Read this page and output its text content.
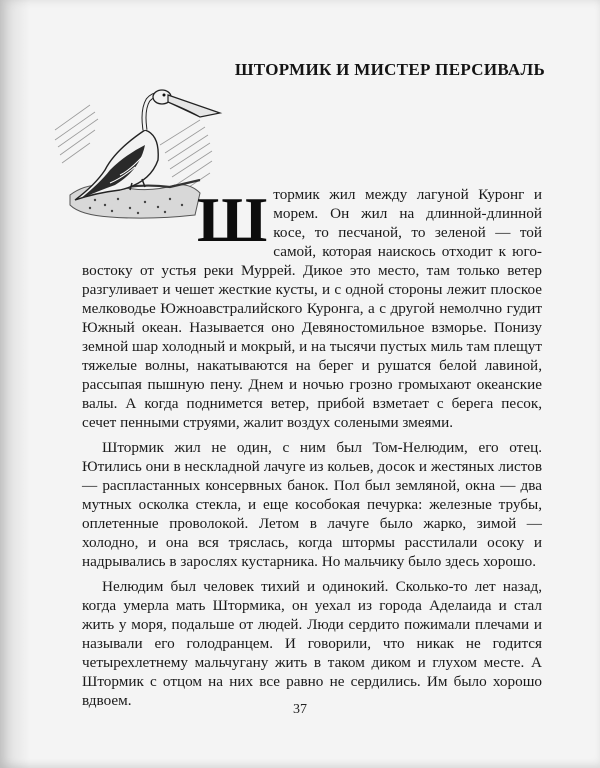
ШТОРМИК И МИСТЕР ПЕРСИВАЛЬ
Ш тормик жил между лагуной Куронг и морем. Он жил на длинной-длинной косе, то песчаной, то зеленой — той самой, которая наискось отходит к юго-востоку от устья реки Муррей. Дикое это место, там только ветер разгуливает и чешет жесткие кусты, и с одной стороны лежит плоское мелководье Южноавстралийского Куронга, а с другой немолчно гудит Южный океан. Называется оно Девяностомильное взморье. Понизу земной шар холодный и мокрый, и на тысячи пустых миль там плещут тяжелые волны, накатываются на берег и рушатся белой лавиной, рассыпая пышную пену. Днем и ночью грозно громыхают океанские валы. А когда поднимется ветер, прибой взметает с берега песок, сечет пенными струями, жалит воздух солеными змеями.

Штормик жил не один, с ним был Том-Нелюдим, его отец. Ютились они в нескладной лачуге из кольев, досок и жестяных листов — распластанных консервных банок. Пол был земляной, окна — два мутных осколка стекла, и еще кособокая печурка: железные трубы, оплетенные проволокой. Летом в лачуге было жарко, зимой — холодно, и она вся тряслась, когда штормы расстилали осоку и надрывались в зарослях кустарника. Но мальчику было здесь хорошо.

Нелюдим был человек тихий и одинокий. Сколько-то лет назад, когда умерла мать Штормика, он уехал из города Аделаида и стал жить у моря, подальше от людей. Люди сердито пожимали плечами и называли его голодранцем. И говорили, что никак не годится четырехлетнему мальчугану жить в таком диком и глухом месте. А Штормик с отцом на них все равно не сердились. Им было хорошо вдвоем.

37
